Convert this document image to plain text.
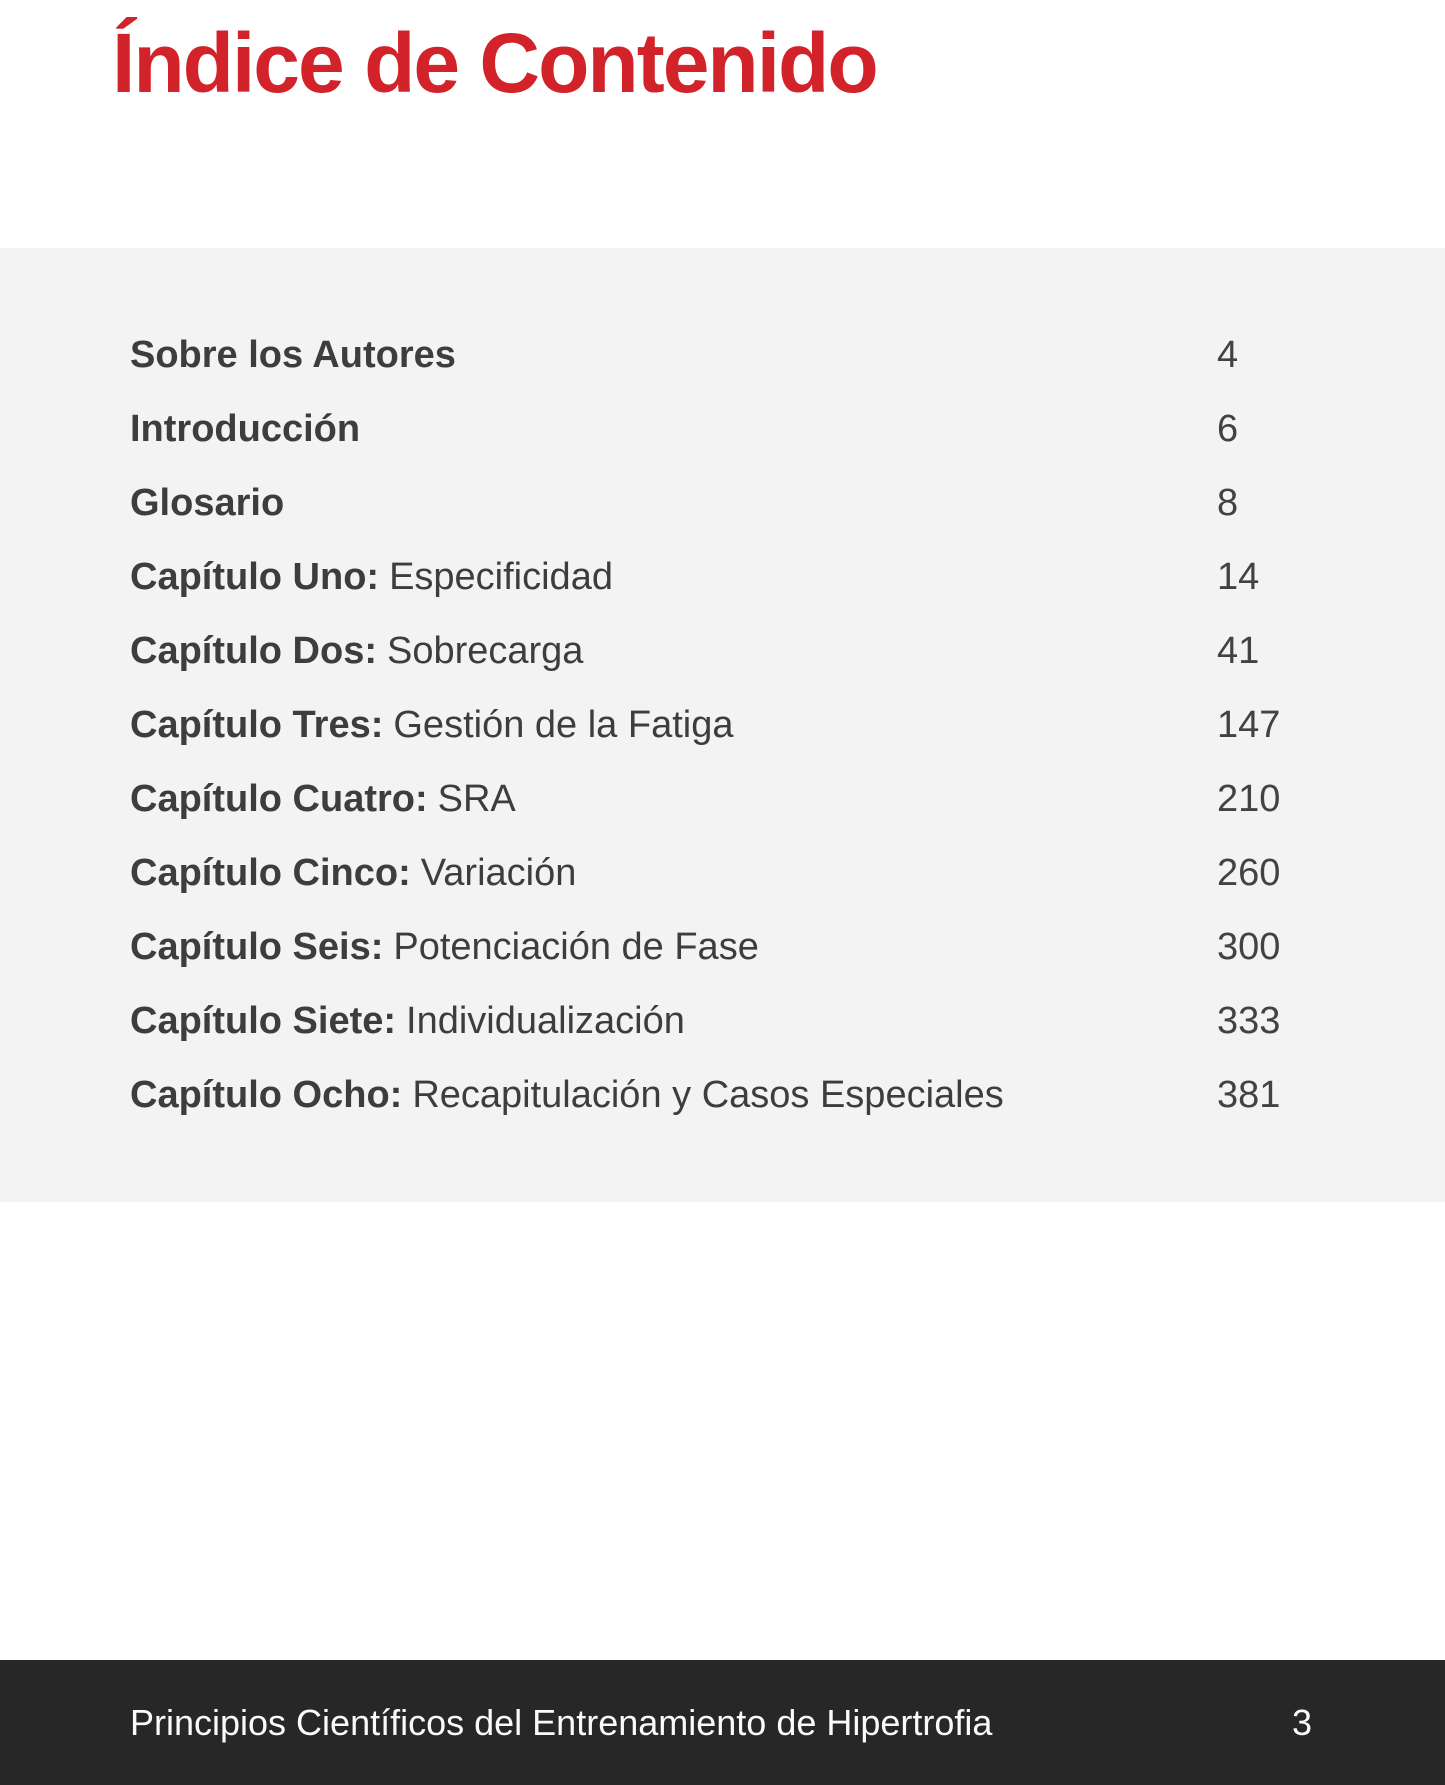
Índice de Contenido
Sobre los Autores	4
Introducción	6
Glosario	8
Capítulo Uno: Especificidad	14
Capítulo Dos: Sobrecarga	41
Capítulo Tres: Gestión de la Fatiga	147
Capítulo Cuatro: SRA	210
Capítulo Cinco: Variación	260
Capítulo Seis: Potenciación de Fase	300
Capítulo Siete: Individualización	333
Capítulo Ocho: Recapitulación y Casos Especiales	381
Principios Científicos del Entrenamiento de Hipertrofia	3
